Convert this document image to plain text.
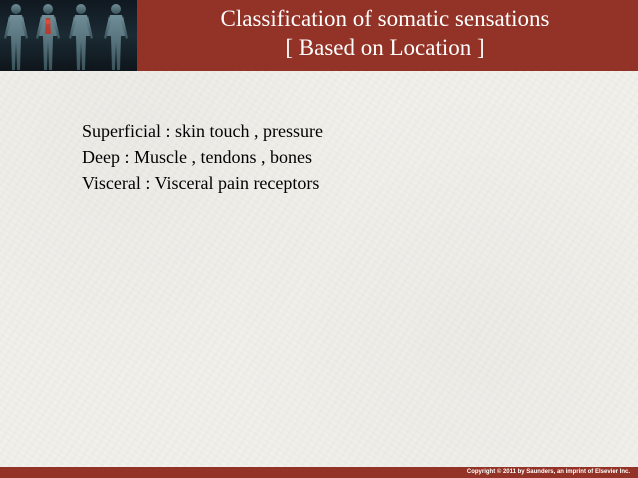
Classification of somatic sensations
[ Based on Location ]
Superficial : skin touch , pressure
Deep : Muscle , tendons , bones
Visceral : Visceral pain receptors
Copyright © 2011 by Saunders, an imprint of Elsevier Inc.
